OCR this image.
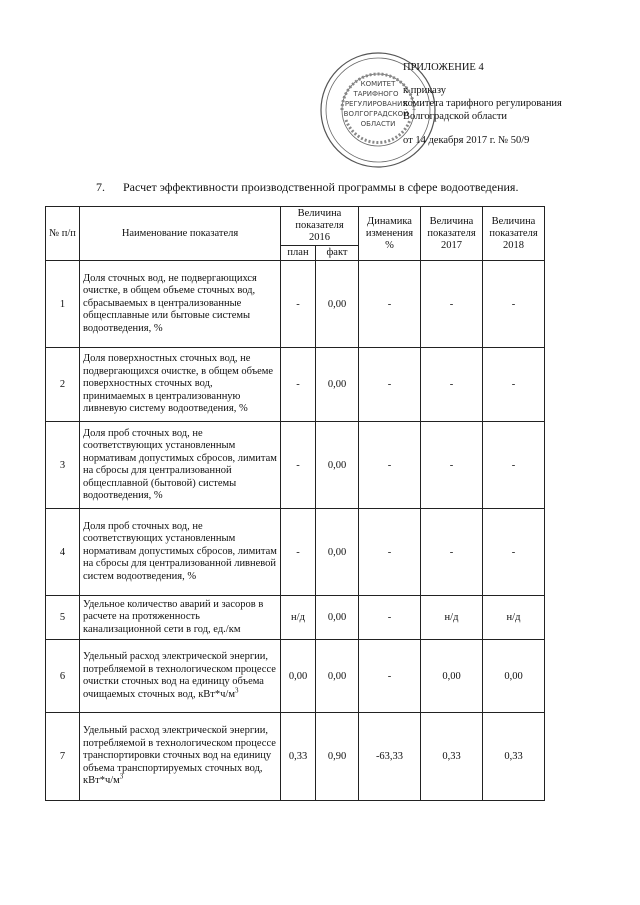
КОМИТЕТ
ТАРИФНОГО
РЕГУЛИРОВАНИЯ
ВОЛГОГРАДСКОЙ
ОБЛАСТИ
ПРИЛОЖЕНИЕ 4
к приказу
комитета тарифного регулирования
Волгоградской области
от 14 декабря 2017 г. № 50/9
7. Расчет эффективности производственной программы в сфере водоотведения.
№ п/п	Наименование показателя	Величина показателя 2016		Динамика изменения %	Величина показателя 2017	Величина показателя 2018
		план	факт			
1	Доля сточных вод, не подвергающихся очистке, в общем объеме сточных вод, сбрасываемых в централизованные общесплавные или бытовые системы водоотведения, %	-	0,00	-	-	-
2	Доля поверхностных сточных вод, не подвергающихся очистке, в общем объеме поверхностных сточных вод, принимаемых в централизованную ливневую систему водоотведения, %	-	0,00	-	-	-
3	Доля проб сточных вод, не соответствующих установленным нормативам допустимых сбросов, лимитам на сбросы для централизованной общесплавной (бытовой) системы водоотведения, %	-	0,00	-	-	-
4	Доля проб сточных вод, не соответствующих установленным нормативам допустимых сбросов, лимитам на сбросы для централизованной ливневой систем водоотведения, %	-	0,00	-	-	-
5	Удельное количество аварий и засоров в расчете на протяженность канализационной сети в год, ед./км	н/д	0,00	-	н/д	н/д
6	Удельный расход электрической энергии, потребляемой в технологическом процессе очистки сточных вод на единицу объема очищаемых сточных вод, $кВт*ч/м^3$	0,00	0,00	-	0,00	0,00
7	Удельный расход электрической энергии, потребляемой в технологическом процессе транспортировки сточных вод на единицу объема транспортируемых сточных вод, $кВт*ч/м^3$	0,33	0,90	-63,33	0,33	0,33
